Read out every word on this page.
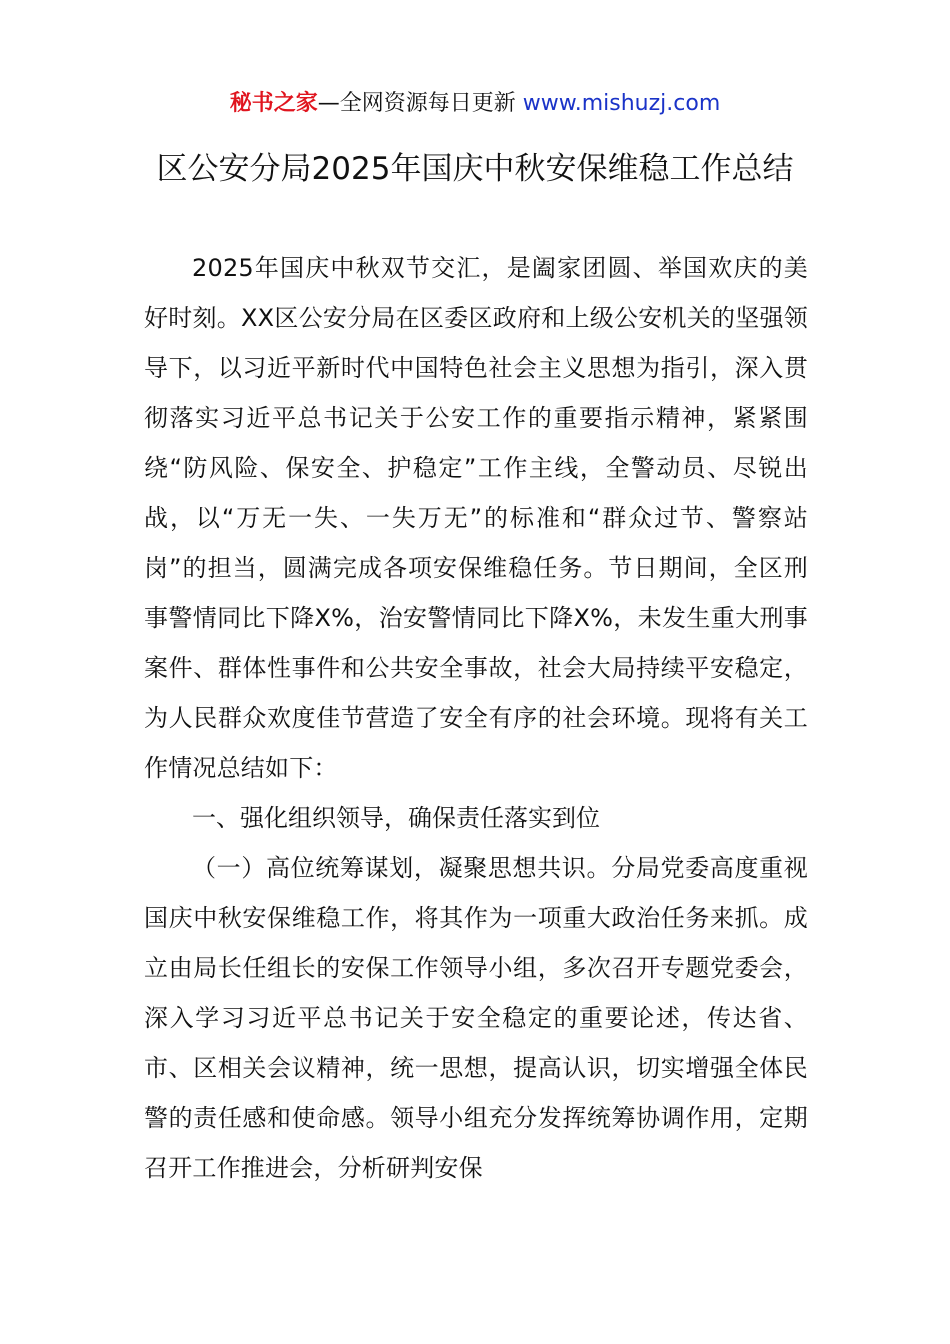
秘书之家—全网资源每日更新 www.mishuzj.com
区公安分局2025年国庆中秋安保维稳工作总结

2025年国庆中秋双节交汇，是阖家团圆、举国欢庆的美好时刻。XX区公安分局在区委区政府和上级公安机关的坚强领导下，以习近平新时代中国特色社会主义思想为指引，深入贯彻落实习近平总书记关于公安工作的重要指示精神，紧紧围绕“防风险、保安全、护稳定”工作主线，全警动员、尽锐出战，以“万无一失、一失万无”的标准和“群众过节、警察站岗”的担当，圆满完成各项安保维稳任务。节日期间，全区刑事警情同比下降X%，治安警情同比下降X%，未发生重大刑事案件、群体性事件和公共安全事故，社会大局持续平安稳定，为人民群众欢度佳节营造了安全有序的社会环境。现将有关工作情况总结如下：

一、强化组织领导，确保责任落实到位

（一）高位统筹谋划，凝聚思想共识。分局党委高度重视国庆中秋安保维稳工作，将其作为一项重大政治任务来抓。成立由局长任组长的安保工作领导小组，多次召开专题党委会，深入学习习近平总书记关于安全稳定的重要论述，传达省、市、区相关会议精神，统一思想，提高认识，切实增强全体民警的责任感和使命感。领导小组充分发挥统筹协调作用，定期召开工作推进会，分析研判安保
